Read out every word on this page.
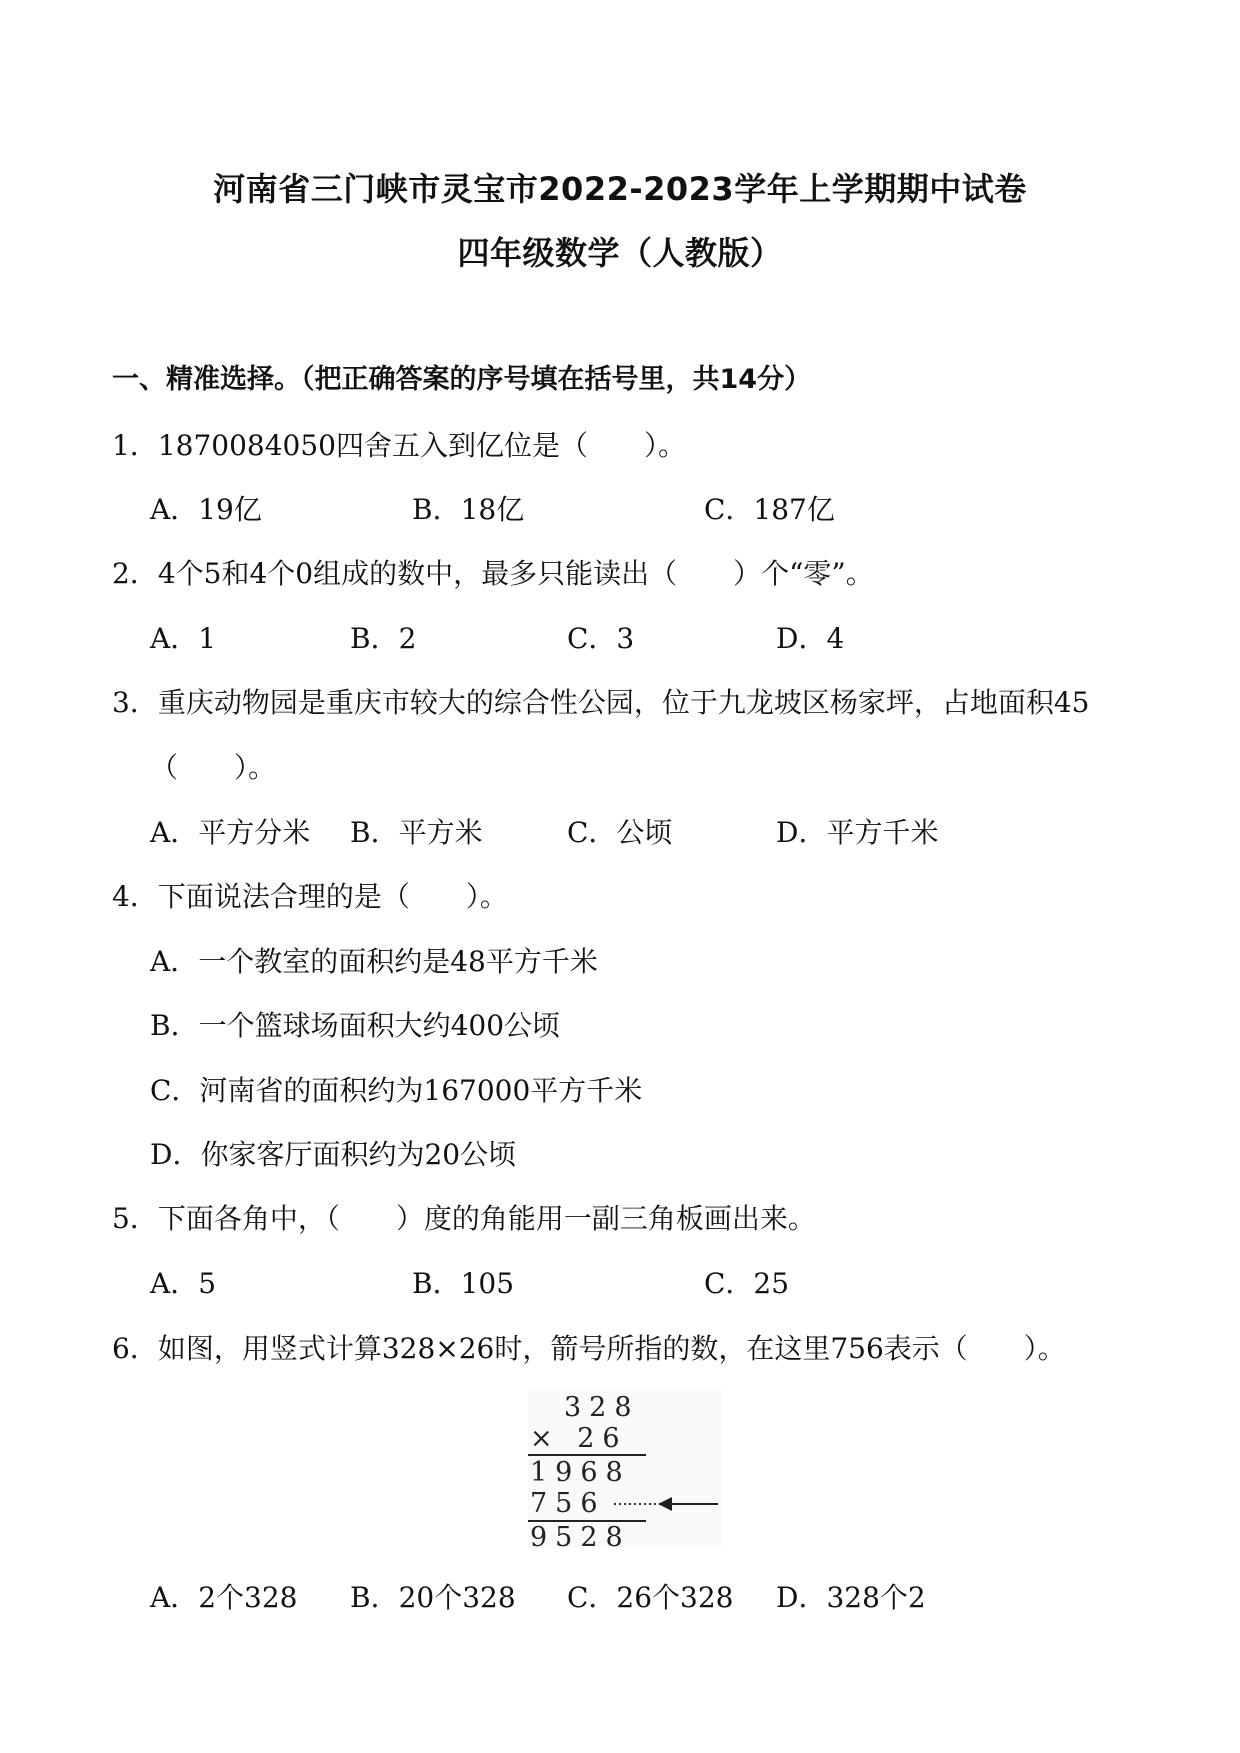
河南省三门峡市灵宝市2022-2023学年上学期期中试卷
四年级数学（人教版）
一、精准选择。（把正确答案的序号填在括号里，共14分）
1．1870084050四舍五入到亿位是（　　）。
A．19亿	B．18亿	C．187亿
2．4个5和4个0组成的数中，最多只能读出（　　）个“零”。
A．1	B．2	C．3	D．4
3．重庆动物园是重庆市较大的综合性公园，位于九龙坡区杨家坪，占地面积45
（　　）。
A．平方分米 B．平方米	C．公顷	D．平方千米
4．下面说法合理的是（　　）。
A．一个教室的面积约是48平方千米
B．一个篮球场面积大约400公顷
C．河南省的面积约为167000平方千米
D．你家客厅面积约为20公顷
5．下面各角中，（　　）度的角能用一副三角板画出来。
A．5	B．105	C．25
6．如图，用竖式计算328×26时，箭号所指的数，在这里756表示（　　）。
328
× 26
1968
756
9528
A．2个328 B．20个328 C．26个328 D．328个2
